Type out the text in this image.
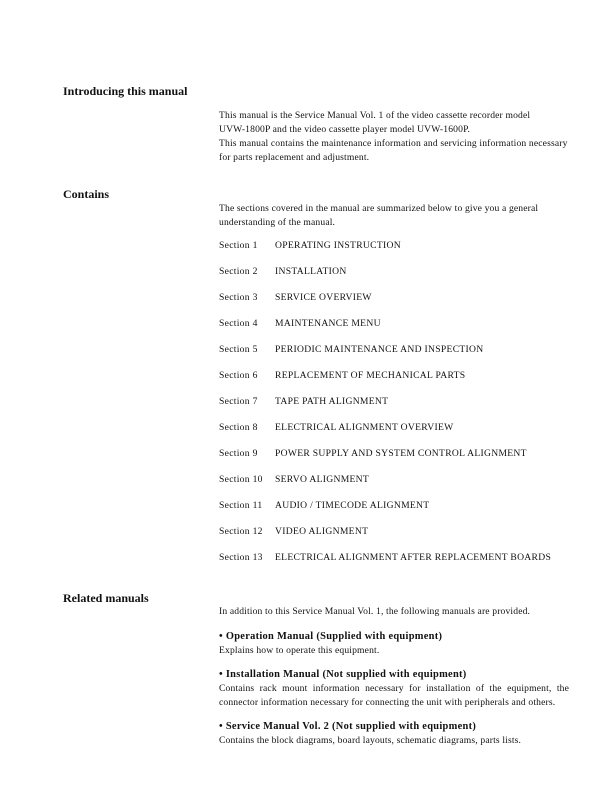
Introducing this manual

This manual is the Service Manual Vol. 1 of the video cassette recorder model

UVW-1800P and the video cassette player model UVW-1600P.

This manual contains the maintenance information and servicing information necessary

for parts replacement and adjustment.

Contains

The sections covered in the manual are summarized below to give you a general

understanding of the manual.

Section 1 OPERATING INSTRUCTION
Section 2 INSTALLATION
Section 3 SERVICE OVERVIEW
Section 4 MAINTENANCE MENU
Section 5 PERIODIC MAINTENANCE AND INSPECTION
Section 6 REPLACEMENT OF MECHANICAL PARTS
Section 7 TAPE PATH ALIGNMENT
Section 8 ELECTRICAL ALIGNMENT OVERVIEW
Section 9 POWER SUPPLY AND SYSTEM CONTROL ALIGNMENT
Section 10 SERVO ALIGNMENT
Section 11 AUDIO / TIMECODE ALIGNMENT
Section 12 VIDEO ALIGNMENT
Section 13 ELECTRICAL ALIGNMENT AFTER REPLACEMENT BOARDS
Related manuals

In addition to this Service Manual Vol. 1, the following manuals are provided.

• Operation Manual (Supplied with equipment)

Explains how to operate this equipment.

• Installation Manual (Not supplied with equipment)

Contains rack mount information necessary for installation of the equipment, the connector information necessary for connecting the unit with peripherals and others.

• Service Manual Vol. 2 (Not supplied with equipment)

Contains the block diagrams, board layouts, schematic diagrams, parts lists.
